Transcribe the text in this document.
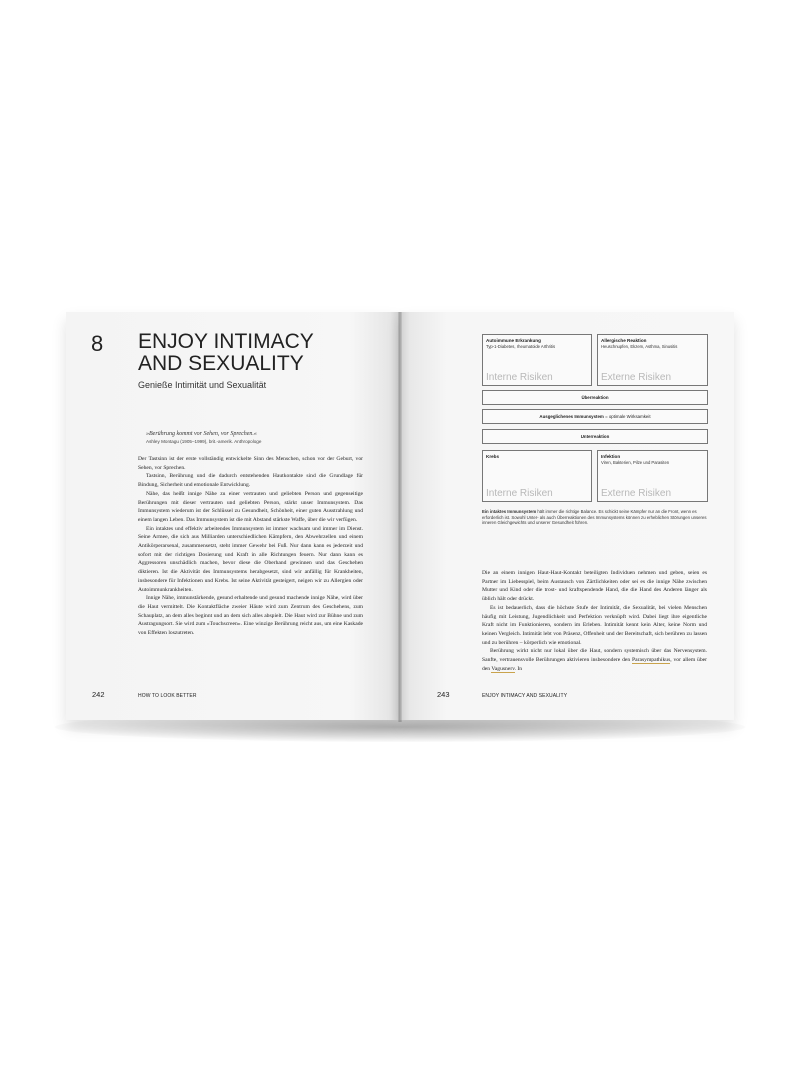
8 ENJOY INTIMACY
AND SEXUALITY
Genieße Intimität und Sexualität
»Berührung kommt vor Sehen, vor Sprechen.«
Ashley Montagu (1905–1999), brit.-amerik. Anthropologe

Der Tastsinn ist der erste vollständig entwickelte Sinn des Menschen, schon vor der Geburt, vor Sehen, vor Sprechen.

Tastsinn, Berührung und die dadurch entstehenden Hautkontakte sind die Grundlage für Bindung, Sicherheit und emotionale Entwicklung.

Nähe, das heißt innige Nähe zu einer vertrauten und geliebten Person und gegenseitige Berührungen mit dieser vertrauten und geliebten Person, stärkt unser Immunsystem. Das Immunsystem wiederum ist der Schlüssel zu Gesundheit, Schönheit, einer guten Ausstrahlung und einem langen Leben. Das Immunsystem ist die mit Abstand stärkste Waffe, über die wir verfügen.

Ein intaktes und effektiv arbeitendes Immunsystem ist immer wachsam und immer im Dienst. Seine Armee, die sich aus Milliarden unterschiedlichen Kämpfern, den Abwehrzellen und einem Antikörperarsenal, zusammensetzt, steht immer Gewehr bei Fuß. Nur dann kann es jederzeit und sofort mit der richtigen Dosierung und Kraft in alle Richtungen feuern. Nur dann kann es Aggressoren unschädlich machen, bevor diese die Oberhand gewinnen und das Geschehen diktieren. Ist die Aktivität des Immunsystems herabgesetzt, sind wir anfällig für Krankheiten, insbesondere für Infektionen und Krebs. Ist seine Aktivität gesteigert, neigen wir zu Allergien oder Autoimmunkrankheiten.

Innige Nähe, immunstärkende, gesund erhaltende und gesund machende innige Nähe, wird über die Haut vermittelt. Die Kontaktfläche zweier Häute wird zum Zentrum des Geschehens, zum Schauplatz, an dem alles beginnt und an dem sich alles abspielt. Die Haut wird zur Bühne und zum Austragungsort. Sie wird zum »Touchscreen«. Eine winzige Berührung reicht aus, um eine Kaskade von Effekten loszutreten.

242	HOW TO LOOK BETTER
Autoimmune Erkrankung
Typ-1-Diabetes, rheumatoide Arthritis
Interne Risiken
Allergische Reaktion
Heuschnupfen, Ekzem, Asthma, Sinusitis
Externe Risiken
Überreaktion
Ausgeglichenes Immunsystem = optimale Wirksamkeit
Unterreaktion
Krebs
Interne Risiken
Infektion
Viren, Bakterien, Pilze und Parasiten
Externe Risiken
Ein intaktes Immunsystem hält immer die richtige Balance. Es schickt seine Kämpfer nur an die Front, wenn es erforderlich ist. Sowohl Unter- als auch Überreaktionen des Immunsystems können zu erheblichen Störungen unseres inneren Gleichgewichts und unserer Gesundheit führen.

Die an einem innigen Haut-Haut-Kontakt beteiligten Individuen nehmen und geben, seien es Partner im Liebesspiel, beim Austausch von Zärtlichkeiten oder sei es die innige Nähe zwischen Mutter und Kind oder die trost- und kraftspendende Hand, die die Hand des Anderen länger als üblich hält oder drückt.

Es ist bedauerlich, dass die höchste Stufe der Intimität, die Sexualität, bei vielen Menschen häufig mit Leistung, Jugendlichkeit und Perfektion verknüpft wird. Dabei liegt ihre eigentliche Kraft nicht im Funktionieren, sondern im Erleben. Intimität kennt kein Alter, keine Norm und keinen Vergleich. Intimität lebt von Präsenz, Offenheit und der Bereitschaft, sich berühren zu lassen und zu berühren – körperlich wie emotional.

Berührung wirkt nicht nur lokal über die Haut, sondern systemisch über das Nervensystem. Sanfte, vertrauensvolle Berührungen aktivieren insbesondere den Parasympathikus, vor allem über den Vagusnerv. In

243	ENJOY INTIMACY AND SEXUALITY
